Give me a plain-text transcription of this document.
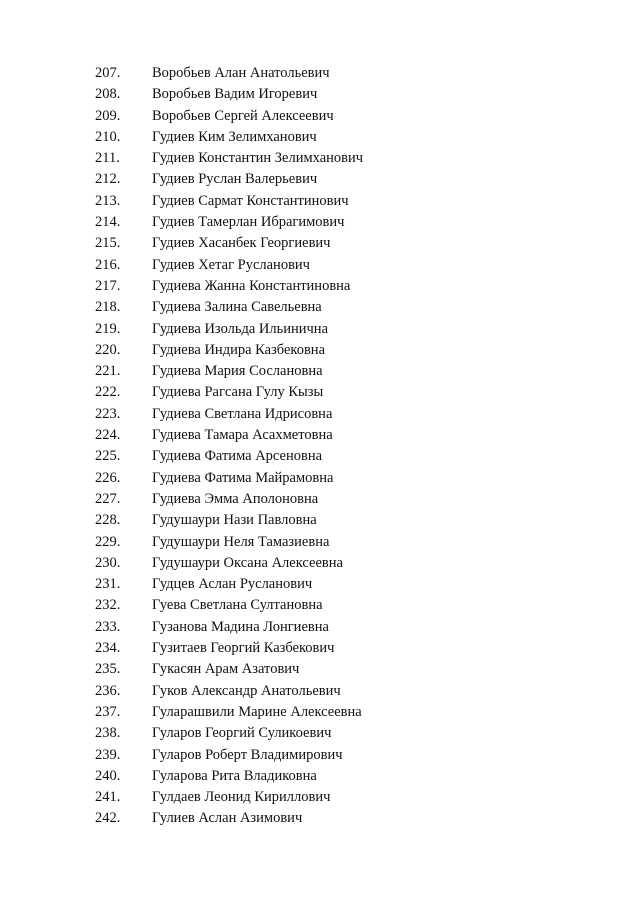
207. Воробьев Алан Анатольевич
208. Воробьев Вадим Игоревич
209. Воробьев Сергей Алексеевич
210. Гудиев Ким Зелимханович
211. Гудиев Константин Зелимханович
212. Гудиев Руслан Валерьевич
213. Гудиев Сармат Константинович
214. Гудиев Тамерлан Ибрагимович
215. Гудиев Хасанбек Георгиевич
216. Гудиев Хетаг Русланович
217. Гудиева Жанна Константиновна
218. Гудиева Залина Савельевна
219. Гудиева Изольда Ильинична
220. Гудиева Индира Казбековна
221. Гудиева Мария Сослановна
222. Гудиева Рагсана Гулу Кызы
223. Гудиева Светлана Идрисовна
224. Гудиева Тамара Асахметовна
225. Гудиева Фатима Арсеновна
226. Гудиева Фатима Майрамовна
227. Гудиева Эмма Аполоновна
228. Гудушаури Нази Павловна
229. Гудушаури Неля Тамазиевна
230. Гудушаури Оксана Алексеевна
231. Гудцев Аслан Русланович
232. Гуева Светлана Султановна
233. Гузанова Мадина Лонгиевна
234. Гузитаев Георгий Казбекович
235. Гукасян Арам Азатович
236. Гуков Александр Анатольевич
237. Гуларашвили Марине Алексеевна
238. Гуларов Георгий Суликоевич
239. Гуларов Роберт Владимирович
240. Гуларова Рита Владиковна
241. Гулдаев Леонид Кириллович
242. Гулиев Аслан Азимович
